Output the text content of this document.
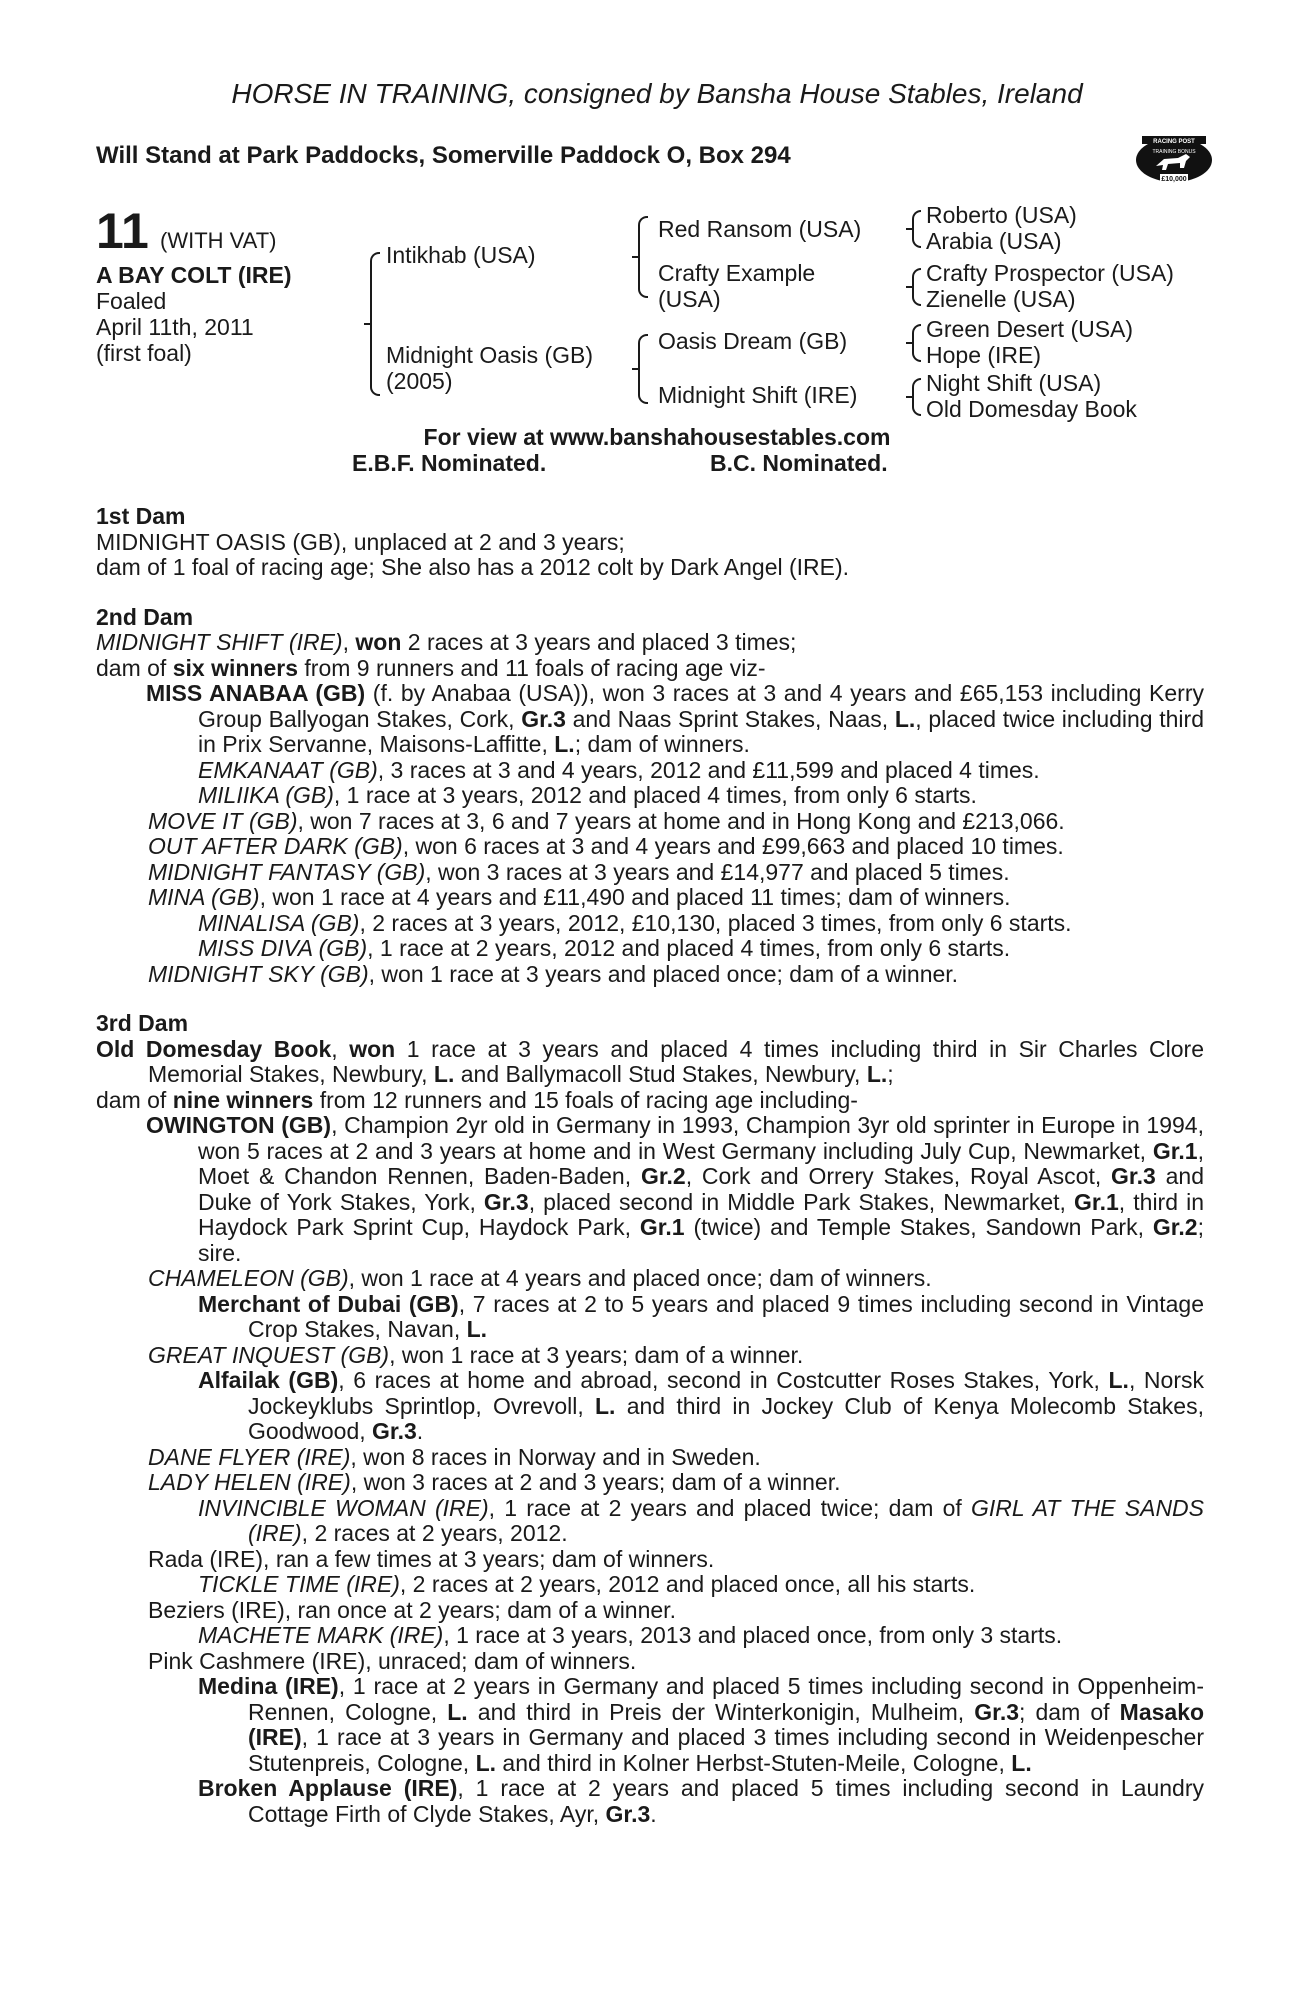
HORSE IN TRAINING, consigned by Bansha House Stables, Ireland
Will Stand at Park Paddocks, Somerville Paddock O, Box 294	RACING POST
TRAINING BONUS
£10,000
11 (WITH VAT)
A BAY COLT (IRE)
Foaled
April 11th, 2011
(first foal)
Intikhab (USA)
Midnight Oasis (GB)
(2005)
Red Ransom (USA)
Crafty Example
(USA)
Oasis Dream (GB)
Midnight Shift (IRE)
Roberto (USA)
Arabia (USA)
Crafty Prospector (USA)
Zienelle (USA)
Green Desert (USA)
Hope (IRE)
Night Shift (USA)
Old Domesday Book
For view at www.banshahousestables.com
E.B.F. Nominated.	B.C. Nominated.

1st Dam

MIDNIGHT OASIS (GB), unplaced at 2 and 3 years;

dam of 1 foal of racing age; She also has a 2012 colt by Dark Angel (IRE).

2nd Dam

MIDNIGHT SHIFT (IRE), won 2 races at 3 years and placed 3 times;

dam of six winners from 9 runners and 11 foals of racing age viz-

MISS ANABAA (GB) (f. by Anabaa (USA)), won 3 races at 3 and 4 years and £65,153 including Kerry Group Ballyogan Stakes, Cork, Gr.3 and Naas Sprint Stakes, Naas, L., placed twice including third in Prix Servanne, Maisons-Laffitte, L.; dam of winners.

EMKANAAT (GB), 3 races at 3 and 4 years, 2012 and £11,599 and placed 4 times.

MILIIKA (GB), 1 race at 3 years, 2012 and placed 4 times, from only 6 starts.

MOVE IT (GB), won 7 races at 3, 6 and 7 years at home and in Hong Kong and £213,066.

OUT AFTER DARK (GB), won 6 races at 3 and 4 years and £99,663 and placed 10 times.

MIDNIGHT FANTASY (GB), won 3 races at 3 years and £14,977 and placed 5 times.

MINA (GB), won 1 race at 4 years and £11,490 and placed 11 times; dam of winners.

MINALISA (GB), 2 races at 3 years, 2012, £10,130, placed 3 times, from only 6 starts.

MISS DIVA (GB), 1 race at 2 years, 2012 and placed 4 times, from only 6 starts.

MIDNIGHT SKY (GB), won 1 race at 3 years and placed once; dam of a winner.

3rd Dam

Old Domesday Book, won 1 race at 3 years and placed 4 times including third in Sir Charles Clore Memorial Stakes, Newbury, L. and Ballymacoll Stud Stakes, Newbury, L.;

dam of nine winners from 12 runners and 15 foals of racing age including-

OWINGTON (GB), Champion 2yr old in Germany in 1993, Champion 3yr old sprinter in Europe in 1994, won 5 races at 2 and 3 years at home and in West Germany including July Cup, Newmarket, Gr.1, Moet & Chandon Rennen, Baden-Baden, Gr.2, Cork and Orrery Stakes, Royal Ascot, Gr.3 and Duke of York Stakes, York, Gr.3, placed second in Middle Park Stakes, Newmarket, Gr.1, third in Haydock Park Sprint Cup, Haydock Park, Gr.1 (twice) and Temple Stakes, Sandown Park, Gr.2; sire.

CHAMELEON (GB), won 1 race at 4 years and placed once; dam of winners.

Merchant of Dubai (GB), 7 races at 2 to 5 years and placed 9 times including second in Vintage Crop Stakes, Navan, L.

GREAT INQUEST (GB), won 1 race at 3 years; dam of a winner.

Alfailak (GB), 6 races at home and abroad, second in Costcutter Roses Stakes, York, L., Norsk Jockeyklubs Sprintlop, Ovrevoll, L. and third in Jockey Club of Kenya Molecomb Stakes, Goodwood, Gr.3.

DANE FLYER (IRE), won 8 races in Norway and in Sweden.

LADY HELEN (IRE), won 3 races at 2 and 3 years; dam of a winner.

INVINCIBLE WOMAN (IRE), 1 race at 2 years and placed twice; dam of GIRL AT THE SANDS (IRE), 2 races at 2 years, 2012.

Rada (IRE), ran a few times at 3 years; dam of winners.

TICKLE TIME (IRE), 2 races at 2 years, 2012 and placed once, all his starts.

Beziers (IRE), ran once at 2 years; dam of a winner.

MACHETE MARK (IRE), 1 race at 3 years, 2013 and placed once, from only 3 starts.

Pink Cashmere (IRE), unraced; dam of winners.

Medina (IRE), 1 race at 2 years in Germany and placed 5 times including second in Oppenheim-Rennen, Cologne, L. and third in Preis der Winterkonigin, Mulheim, Gr.3; dam of Masako (IRE), 1 race at 3 years in Germany and placed 3 times including second in Weidenpescher Stutenpreis, Cologne, L. and third in Kolner Herbst-Stuten-Meile, Cologne, L.

Broken Applause (IRE), 1 race at 2 years and placed 5 times including second in Laundry Cottage Firth of Clyde Stakes, Ayr, Gr.3.
